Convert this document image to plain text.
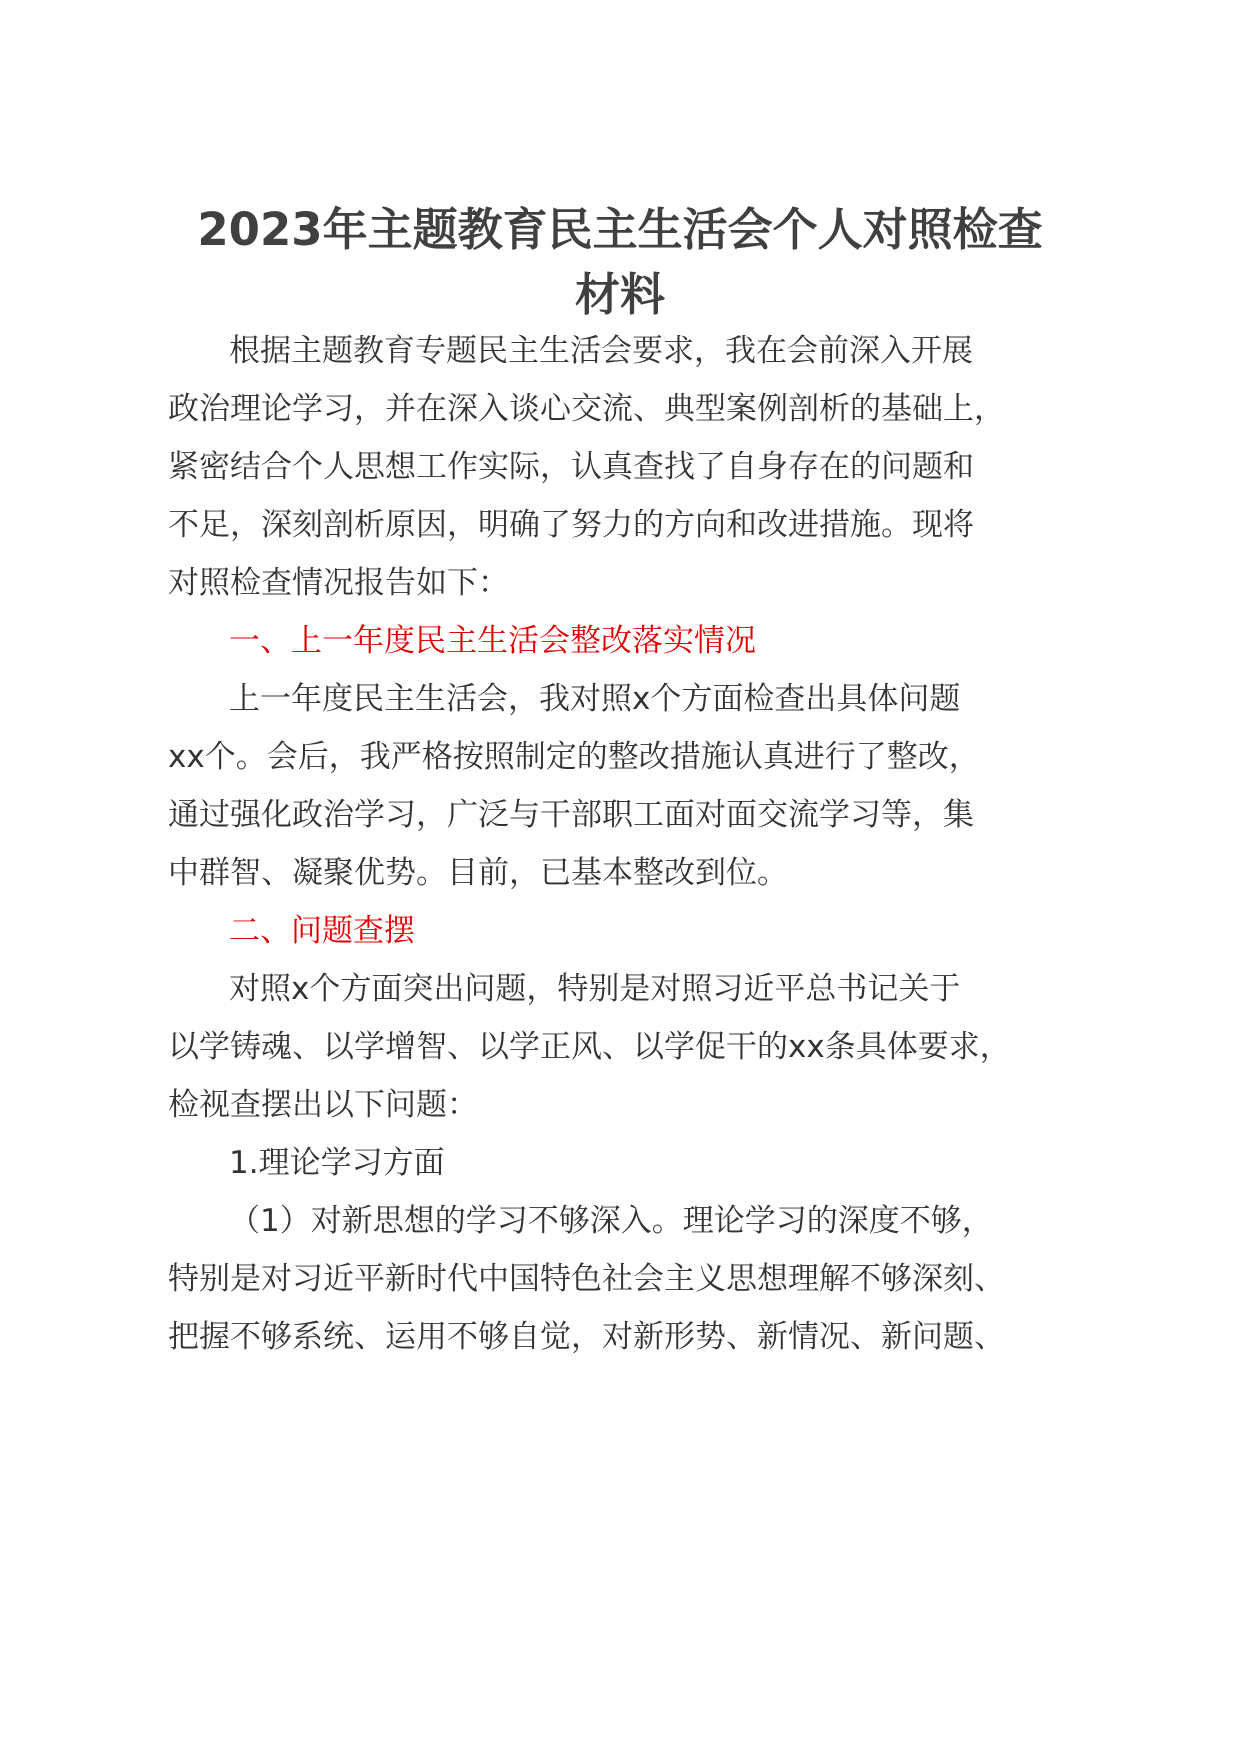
2023年主题教育民主生活会个人对照检查
材料

根据主题教育专题民主生活会要求，我在会前深入开展

政治理论学习，并在深入谈心交流、典型案例剖析的基础上，

紧密结合个人思想工作实际，认真查找了自身存在的问题和

不足，深刻剖析原因，明确了努力的方向和改进措施。现将

对照检查情况报告如下：

一、上一年度民主生活会整改落实情况

上一年度民主生活会，我对照x个方面检查出具体问题

xx个。会后，我严格按照制定的整改措施认真进行了整改，

通过强化政治学习，广泛与干部职工面对面交流学习等，集

中群智、凝聚优势。目前，已基本整改到位。

二、问题查摆

对照x个方面突出问题，特别是对照习近平总书记关于

以学铸魂、以学增智、以学正风、以学促干的xx条具体要求，

检视查摆出以下问题：

1.理论学习方面

（1）对新思想的学习不够深入。理论学习的深度不够，

特别是对习近平新时代中国特色社会主义思想理解不够深刻、

把握不够系统、运用不够自觉，对新形势、新情况、新问题、
